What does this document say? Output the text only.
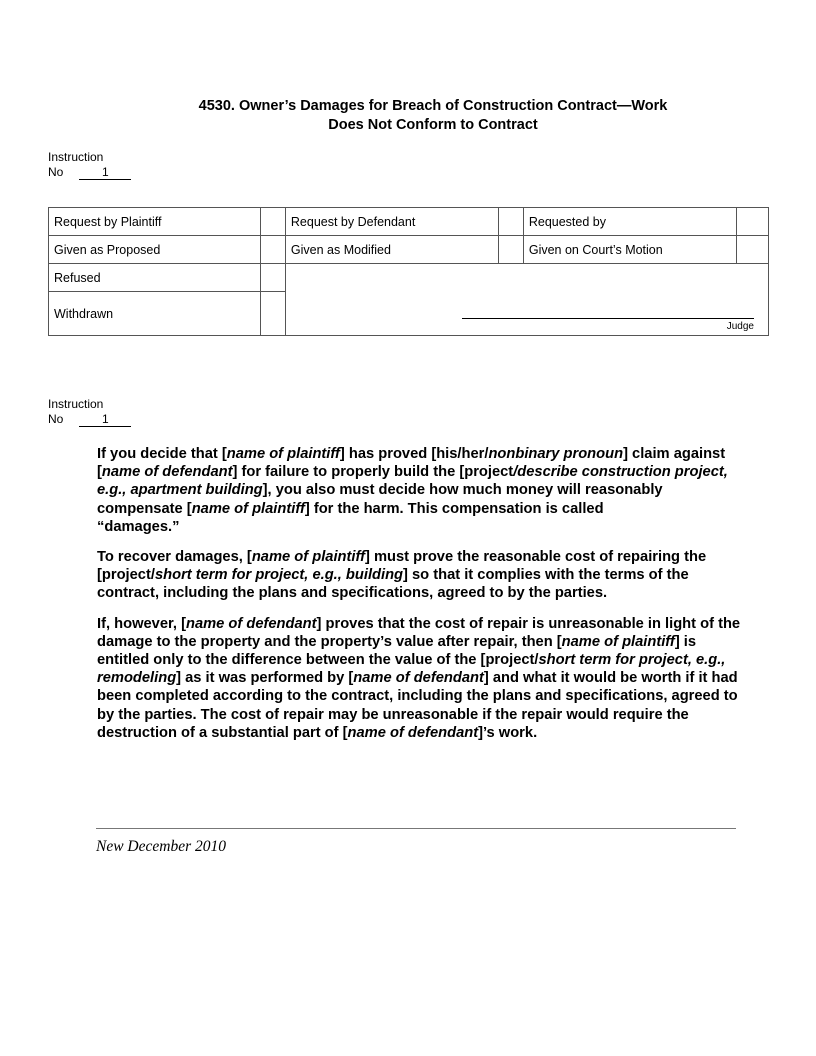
4530. Owner’s Damages for Breach of Construction Contract—Work
Does Not Conform to Contract
Instruction
No	1
Request by Plaintiff		Request by Defendant		Requested by	
Given as Proposed		Given as Modified		Given on Court’s Motion	
Refused		Judge			

Withdrawn					
Instruction
No	1

If you decide that [name of plaintiff] has proved [his/her/nonbinary pronoun] claim against [name of defendant] for failure to properly build the [project/describe construction project, e.g., apartment building], you also must decide how much money will reasonably compensate [name of plaintiff] for the harm. This compensation is called
“damages.”

To recover damages, [name of plaintiff] must prove the reasonable cost of repairing the [project/short term for project, e.g., building] so that it complies with the terms of the contract, including the plans and specifications, agreed to by the parties.

If, however, [name of defendant] proves that the cost of repair is unreasonable in light of the damage to the property and the property’s value after repair, then [name of plaintiff] is entitled only to the difference between the value of the [project/short term for project, e.g., remodeling] as it was performed by [name of defendant] and what it would be worth if it had been completed according to the contract, including the plans and specifications, agreed to by the parties. The cost of repair may be unreasonable if the repair would require the destruction of a substantial part of [name of defendant]’s work.

New December 2010
